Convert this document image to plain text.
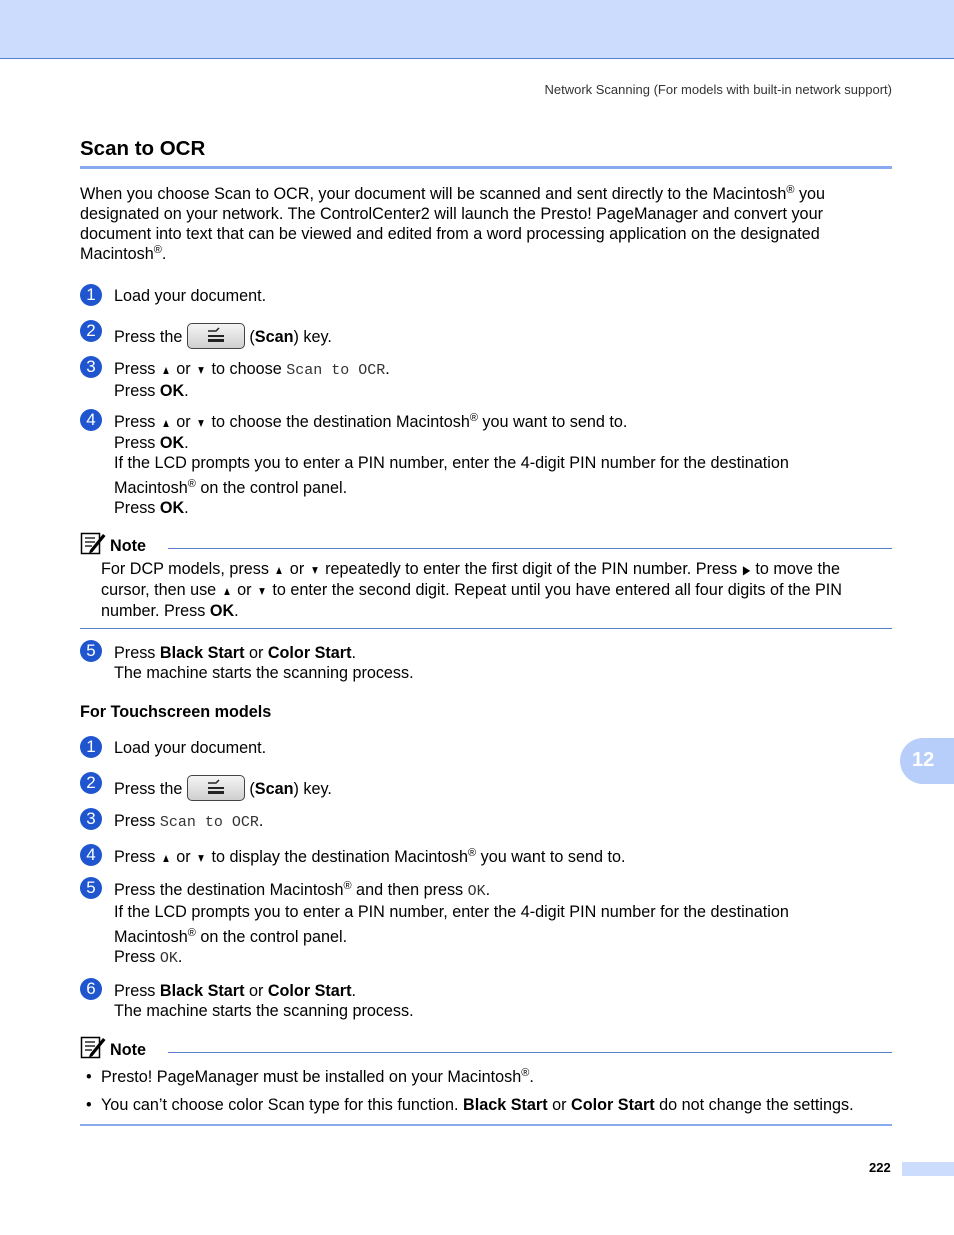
Network Scanning (For models with built-in network support)
Scan to OCR

When you choose Scan to OCR, your document will be scanned and sent directly to the Macintosh® you designated on your network. The ControlCenter2 will launch the Presto! PageManager and convert your document into text that can be viewed and edited from a word processing application on the designated Macintosh®.

1	Load your document.

2	Press the	(Scan) key.

3	Press ▲ or ▼ to choose Scan to OCR.
Press OK.

4	Press ▲ or ▼ to choose the destination Macintosh® you want to send to.
Press OK.
If the LCD prompts you to enter a PIN number, enter the 4-digit PIN number for the destination
Macintosh® on the control panel.
Press OK.

Note

For DCP models, press ▲ or ▼ repeatedly to enter the first digit of the PIN number. Press ▶ to move the cursor, then use ▲ or ▼ to enter the second digit. Repeat until you have entered all four digits of the PIN number. Press OK.

5	Press Black Start or Color Start.
The machine starts the scanning process.

For Touchscreen models

1	Load your document.

2	Press the	(Scan) key.

3	Press Scan to OCR.

4	Press ▲ or ▼ to display the destination Macintosh® you want to send to.

5	Press the destination Macintosh® and then press OK.
If the LCD prompts you to enter a PIN number, enter the 4-digit PIN number for the destination
Macintosh® on the control panel.
Press OK.

6	Press Black Start or Color Start.
The machine starts the scanning process.

Note

• Presto! PageManager must be installed on your Macintosh®.

• You can’t choose color Scan type for this function. Black Start or Color Start do not change the settings.

12
222
